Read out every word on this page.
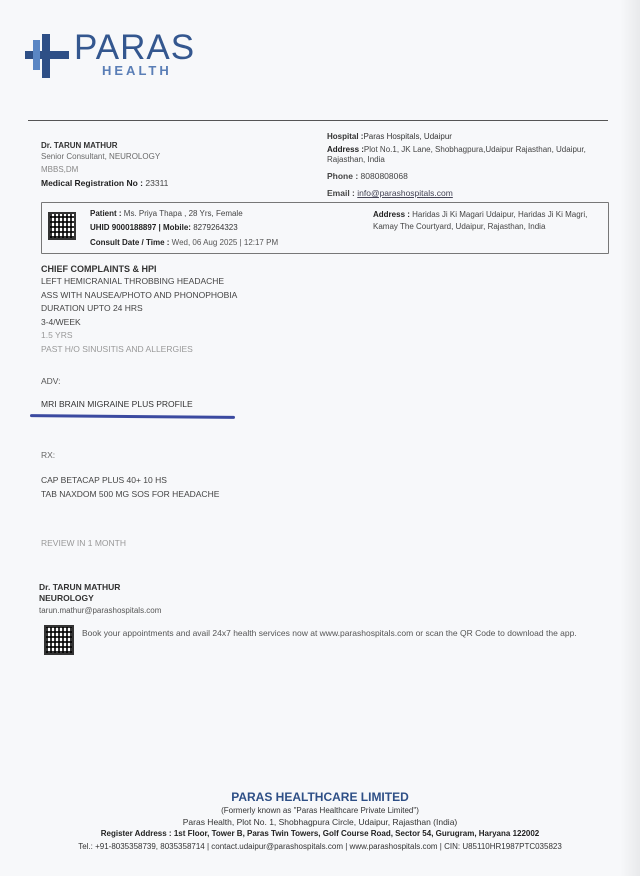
PARAS
HEALTH
Dr. TARUN MATHUR
Senior Consultant, NEUROLOGY
MBBS,DM
Medical Registration No : 23311
Hospital :Paras Hospitals, Udaipur
Address :Plot No.1, JK Lane, Shobhagpura,Udaipur Rajasthan, Udaipur, Rajasthan, India
Phone : 8080808068
Email : info@parashospitals.com
Patient : Ms. Priya Thapa , 28 Yrs, Female
UHID 9000188897 | Mobile: 8279264323
Consult Date / Time : Wed, 06 Aug 2025 | 12:17 PM
Address : Haridas Ji Ki Magari Udaipur, Haridas Ji Ki Magri, Kamay The Courtyard, Udaipur, Rajasthan, India
CHIEF COMPLAINTS & HPI
LEFT HEMICRANIAL THROBBING HEADACHE
ASS WITH NAUSEA/PHOTO AND PHONOPHOBIA
DURATION UPTO 24 HRS
3-4/WEEK
1.5 YRS
PAST H/O SINUSITIS AND ALLERGIES
ADV:
MRI BRAIN MIGRAINE PLUS PROFILE
RX:
CAP BETACAP PLUS 40+ 10 HS
TAB NAXDOM 500 MG SOS FOR HEADACHE
REVIEW IN 1 MONTH
Dr. TARUN MATHUR
NEUROLOGY
tarun.mathur@parashospitals.com
Book your appointments and avail 24x7 health services now at www.parashospitals.com or scan the QR Code to download the app.
PARAS HEALTHCARE LIMITED
(Formerly known as "Paras Healthcare Private Limited")
Paras Health, Plot No. 1, Shobhagpura Circle, Udaipur, Rajasthan (India)
Register Address : 1st Floor, Tower B, Paras Twin Towers, Golf Course Road, Sector 54, Gurugram, Haryana 122002
Tel.: +91-8035358739, 8035358714 | contact.udaipur@parashospitals.com | www.parashospitals.com | CIN: U85110HR1987PTC035823
